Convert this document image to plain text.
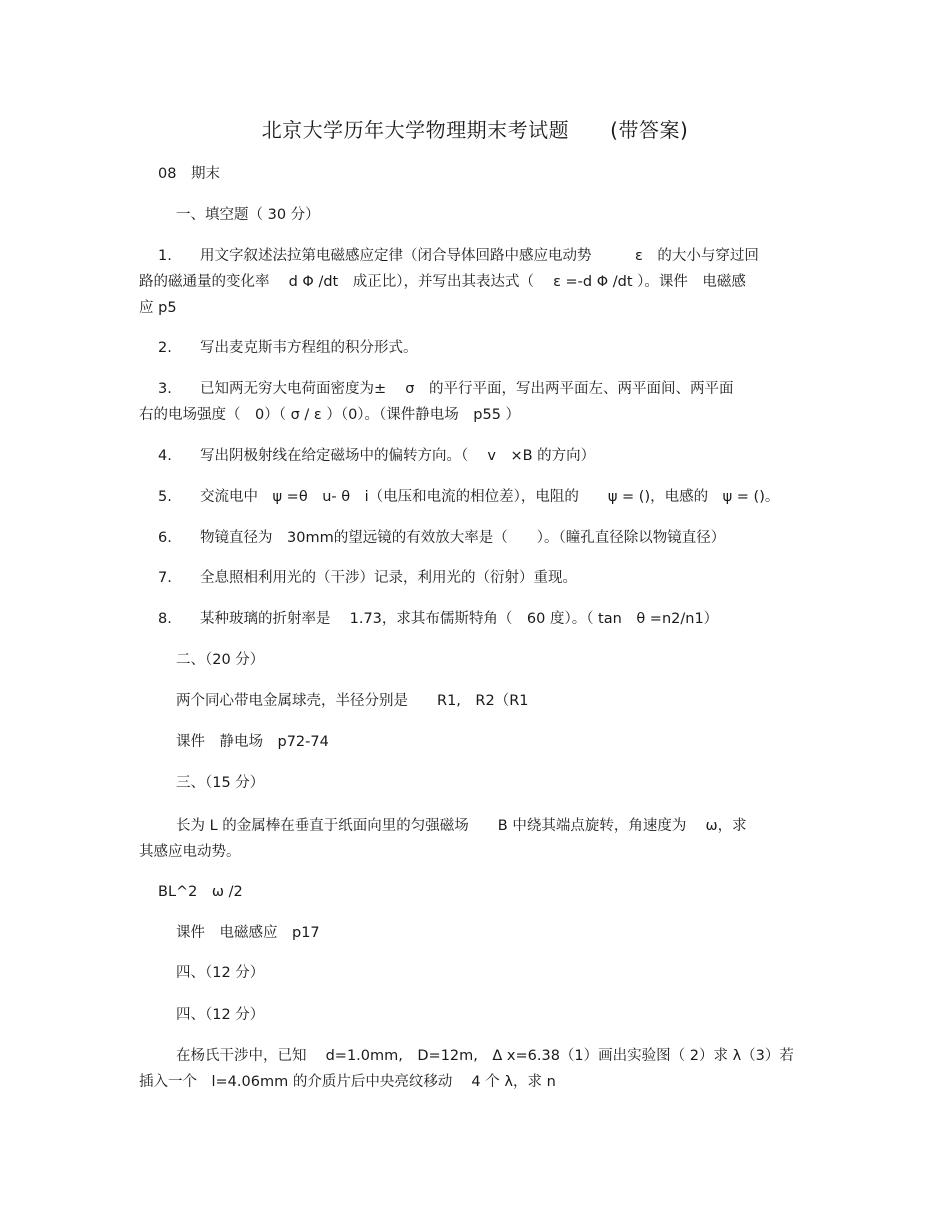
北京大学历年大学物理期末考试题　　(带答案)
08　期末
一、填空题（ 30 分）
1. 用文字叙述法拉第电磁感应定律（闭合导体回路中感应电动势　　　ε　的大小与穿过回
路的磁通量的变化率　 d Φ /dt　成正比），并写出其表达式（　 ε =-d Φ /dt ）。课件　电磁感
应 p5
2. 写出麦克斯韦方程组的积分形式。
3. 已知两无穷大电荷面密度为±　 σ　的平行平面，写出两平面左、两平面间、两平面
右的电场强度（　0）（ σ / ε ）（0）。（课件静电场　p55 ）
4. 写出阴极射线在给定磁场中的偏转方向。（　 v　×B 的方向）
5. 交流电中　ψ =θ　u- θ　i（电压和电流的相位差），电阻的　　ψ = ()，电感的　ψ = ()。
6. 物镜直径为　30mm的望远镜的有效放大率是（　　）。（瞳孔直径除以物镜直径）
7. 全息照相利用光的（干涉）记录，利用光的（衍射）重现。
8. 某种玻璃的折射率是　 1.73，求其布儒斯特角（　60 度）。（ tan　θ =n2/n1）
二、（20 分）
两个同心带电金属球壳，半径分别是　　R1,　R2（R1
课件　静电场　p72-74
三、（15 分）
长为 L 的金属棒在垂直于纸面向里的匀强磁场　　B 中绕其端点旋转，角速度为　 ω，求
其感应电动势。
BL^2　ω /2
课件　电磁感应　p17
四、（12 分）
四、（12 分）
在杨氏干涉中，已知　 d=1.0mm,　D=12m,　Δ x=6.38（1）画出实验图（ 2）求 λ（3）若
插入一个　l=4.06mm 的介质片后中央亮纹移动　 4 个 λ，求 n
